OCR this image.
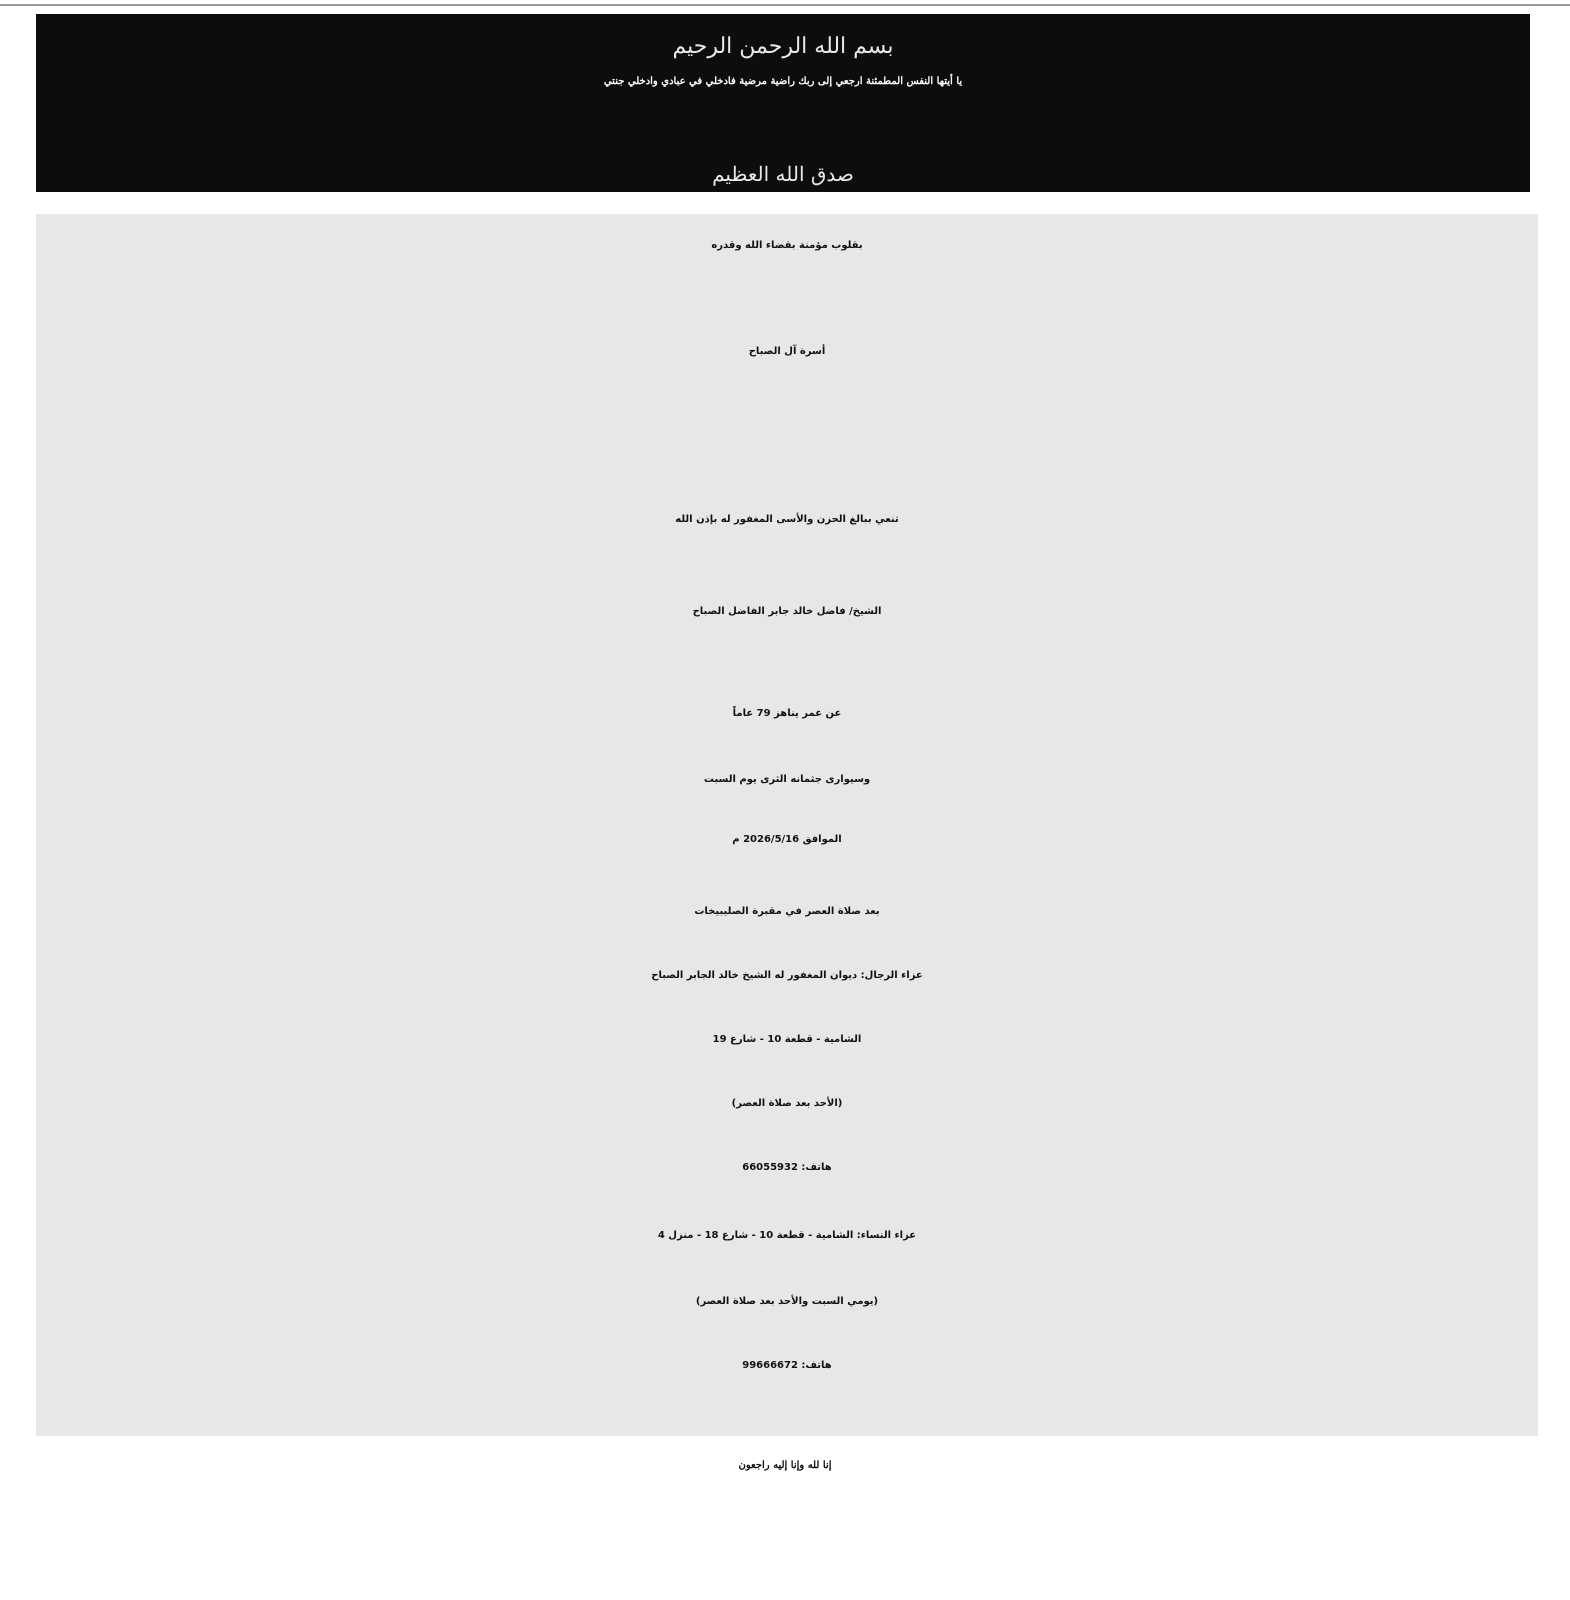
بسم الله الرحمن الرحيم
يا أيتها النفس المطمئنة ارجعي إلى ربك راضية مرضية فادخلي في عبادي وادخلي جنتي
صدق الله العظيم
بقلوب مؤمنة بقضاء الله وقدره
أسرة آل الصباح
تنعي ببالغ الحزن والأسى المغفور له بإذن الله
الشيخ/ فاضل خالد جابر الفاضل الصباح
عن عمر يناهز 79 عاماً
وسيوارى جثمانه الثرى يوم السبت
الموافق 2026/5/16 م
بعد صلاة العصر في مقبرة الصليبيخات
عزاء الرجال: ديوان المغفور له الشيخ خالد الجابر الصباح
الشامية - قطعة 10 - شارع 19
(الأحد بعد صلاة العصر)
هاتف: 66055932
عزاء النساء: الشامية - قطعة 10 - شارع 18 - منزل 4
(يومي السبت والأحد بعد صلاة العصر)
هاتف: 99666672
إنا لله وإنا إليه راجعون
